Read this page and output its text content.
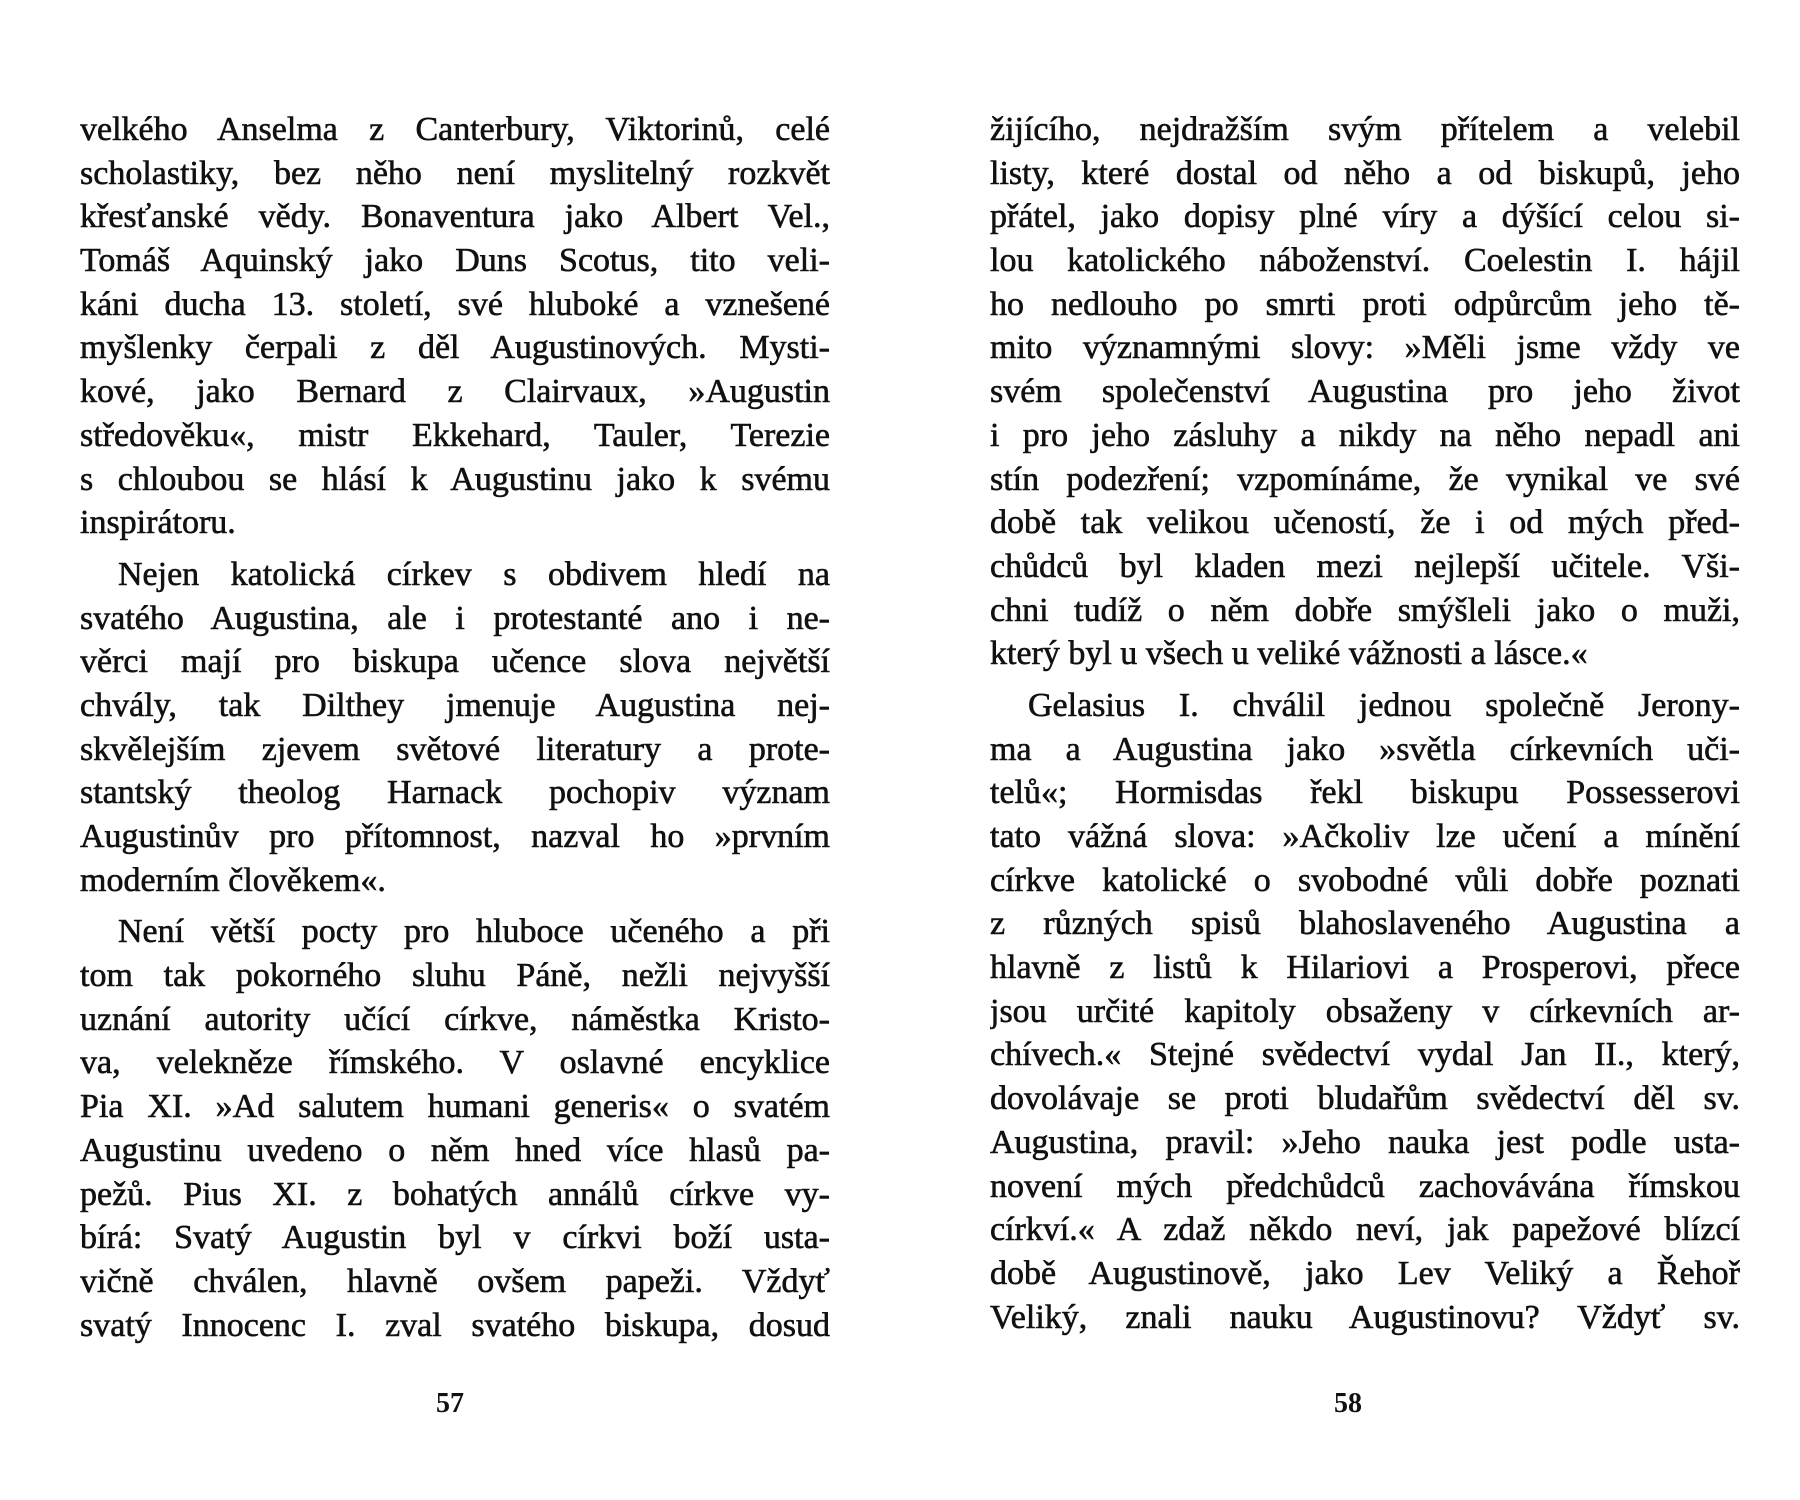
velkého Anselma z Canterbury, Viktorinů, celé
scholastiky, bez něho není myslitelný rozkvět
křesťanské vědy. Bonaventura jako Albert Vel.,
Tomáš Aquinský jako Duns Scotus, tito veli-
káni ducha 13. století, své hluboké a vznešené
myšlenky čerpali z děl Augustinových. Mysti-
kové, jako Bernard z Clairvaux, »Augustin
středověku«, mistr Ekkehard, Tauler, Terezie
s chloubou se hlásí k Augustinu jako k svému
inspirátoru.
Nejen katolická církev s obdivem hledí na
svatého Augustina, ale i protestanté ano i ne-
věrci mají pro biskupa učence slova největší
chvály, tak Dilthey jmenuje Augustina nej-
skvělejším zjevem světové literatury a prote-
stantský theolog Harnack pochopiv význam
Augustinův pro přítomnost, nazval ho »prvním
moderním člověkem«.
Není větší pocty pro hluboce učeného a při
tom tak pokorného sluhu Páně, nežli nejvyšší
uznání autority učící církve, náměstka Kristo-
va, velekněze římského. V oslavné encyklice
Pia XI. »Ad salutem humani generis« o svatém
Augustinu uvedeno o něm hned více hlasů pa-
pežů. Pius XI. z bohatých annálů církve vy-
bírá: Svatý Augustin byl v církvi boží usta-
vičně chválen, hlavně ovšem papeži. Vždyť
svatý Innocenc I. zval svatého biskupa, dosud
57
žijícího, nejdražším svým přítelem a velebil
listy, které dostal od něho a od biskupů, jeho
přátel, jako dopisy plné víry a dýšící celou si-
lou katolického náboženství. Coelestin I. hájil
ho nedlouho po smrti proti odpůrcům jeho tě-
mito významnými slovy: »Měli jsme vždy ve
svém společenství Augustina pro jeho život
i pro jeho zásluhy a nikdy na něho nepadl ani
stín podezření; vzpomínáme, že vynikal ve své
době tak velikou učeností, že i od mých před-
chůdců byl kladen mezi nejlepší učitele. Vši-
chni tudíž o něm dobře smýšleli jako o muži,
který byl u všech u veliké vážnosti a lásce.«
Gelasius I. chválil jednou společně Jerony-
ma a Augustina jako »světla církevních uči-
telů«; Hormisdas řekl biskupu Possesserovi
tato vážná slova: »Ačkoliv lze učení a mínění
církve katolické o svobodné vůli dobře poznati
z různých spisů blahoslaveného Augustina a
hlavně z listů k Hilariovi a Prosperovi, přece
jsou určité kapitoly obsaženy v církevních ar-
chívech.« Stejné svědectví vydal Jan II., který,
dovolávaje se proti bludařům svědectví děl sv.
Augustina, pravil: »Jeho nauka jest podle usta-
novení mých předchůdců zachovávána římskou
církví.« A zdaž někdo neví, jak papežové blízcí
době Augustinově, jako Lev Veliký a Řehoř
Veliký, znali nauku Augustinovu? Vždyť sv.
58
